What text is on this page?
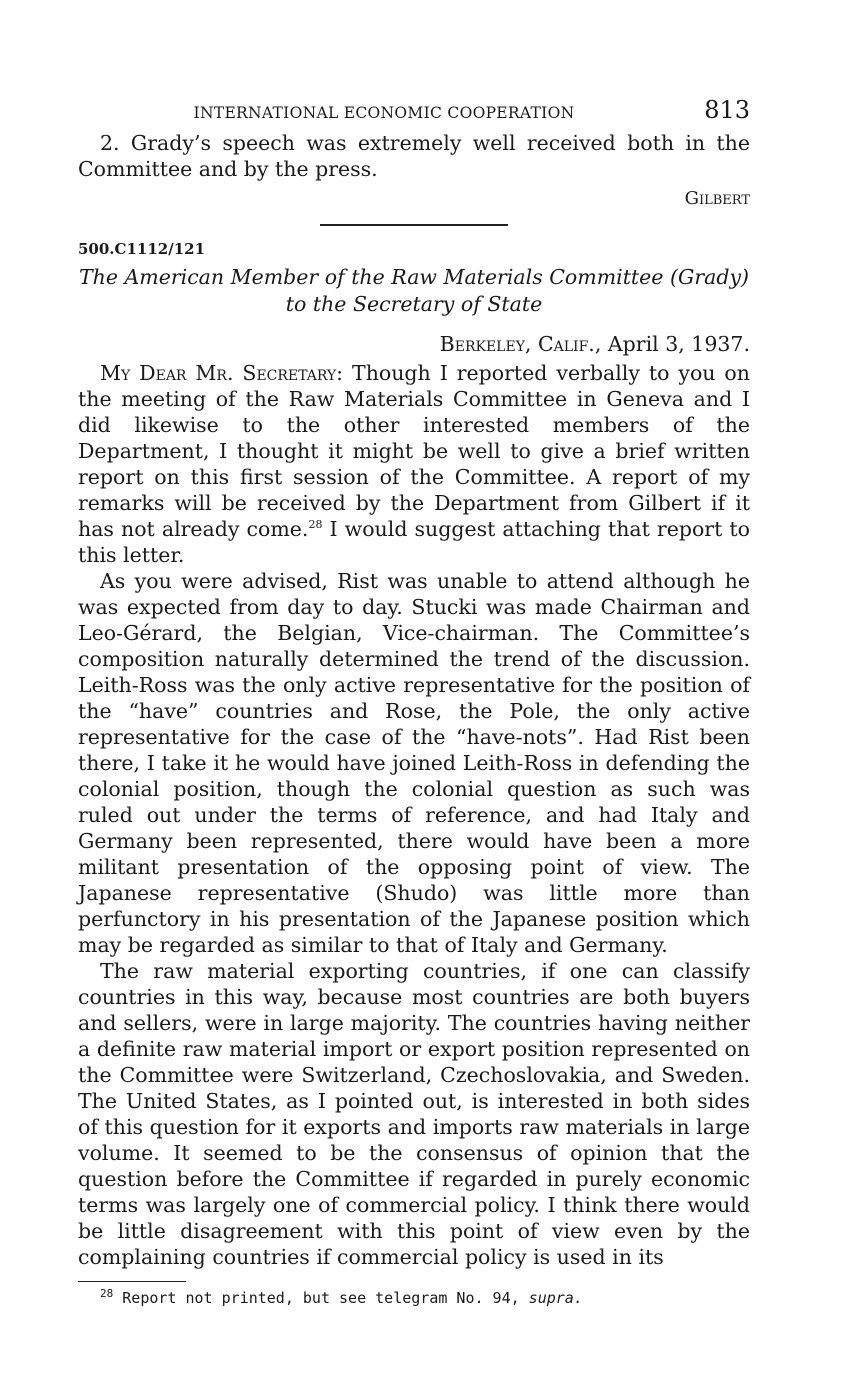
INTERNATIONAL ECONOMIC COOPERATION	813

2. Grady’s speech was extremely well received both in the Committee and by the press.

Gilbert
500.C1112/121
The American Member of the Raw Materials Committee (Grady) to the Secretary of State
Berkeley, Calif., April 3, 1937.

My Dear Mr. Secretary: Though I reported verbally to you on the meeting of the Raw Materials Committee in Geneva and I did likewise to the other interested members of the Department, I thought it might be well to give a brief written report on this first session of the Committee. A report of my remarks will be received by the Department from Gilbert if it has not already come.$^{28}$ I would suggest attaching that report to this letter.

As you were advised, Rist was unable to attend although he was expected from day to day. Stucki was made Chairman and Leo-Gérard, the Belgian, Vice-chairman. The Committee’s composition naturally determined the trend of the discussion. Leith-Ross was the only active representative for the position of the “have” countries and Rose, the Pole, the only active representative for the case of the “have-nots”. Had Rist been there, I take it he would have joined Leith-Ross in defending the colonial position, though the colonial question as such was ruled out under the terms of reference, and had Italy and Germany been represented, there would have been a more militant presentation of the opposing point of view. The Japanese representative (Shudo) was little more than perfunctory in his presentation of the Japanese position which may be regarded as similar to that of Italy and Germany.

The raw material exporting countries, if one can classify countries in this way, because most countries are both buyers and sellers, were in large majority. The countries having neither a definite raw material import or export position represented on the Committee were Switzerland, Czechoslovakia, and Sweden. The United States, as I pointed out, is interested in both sides of this question for it exports and imports raw materials in large volume. It seemed to be the consensus of opinion that the question before the Committee if regarded in purely economic terms was largely one of commercial policy. I think there would be little disagreement with this point of view even by the complaining countries if commercial policy is used in its

$^{28}$ Report not printed, but see telegram No. 94, supra.
